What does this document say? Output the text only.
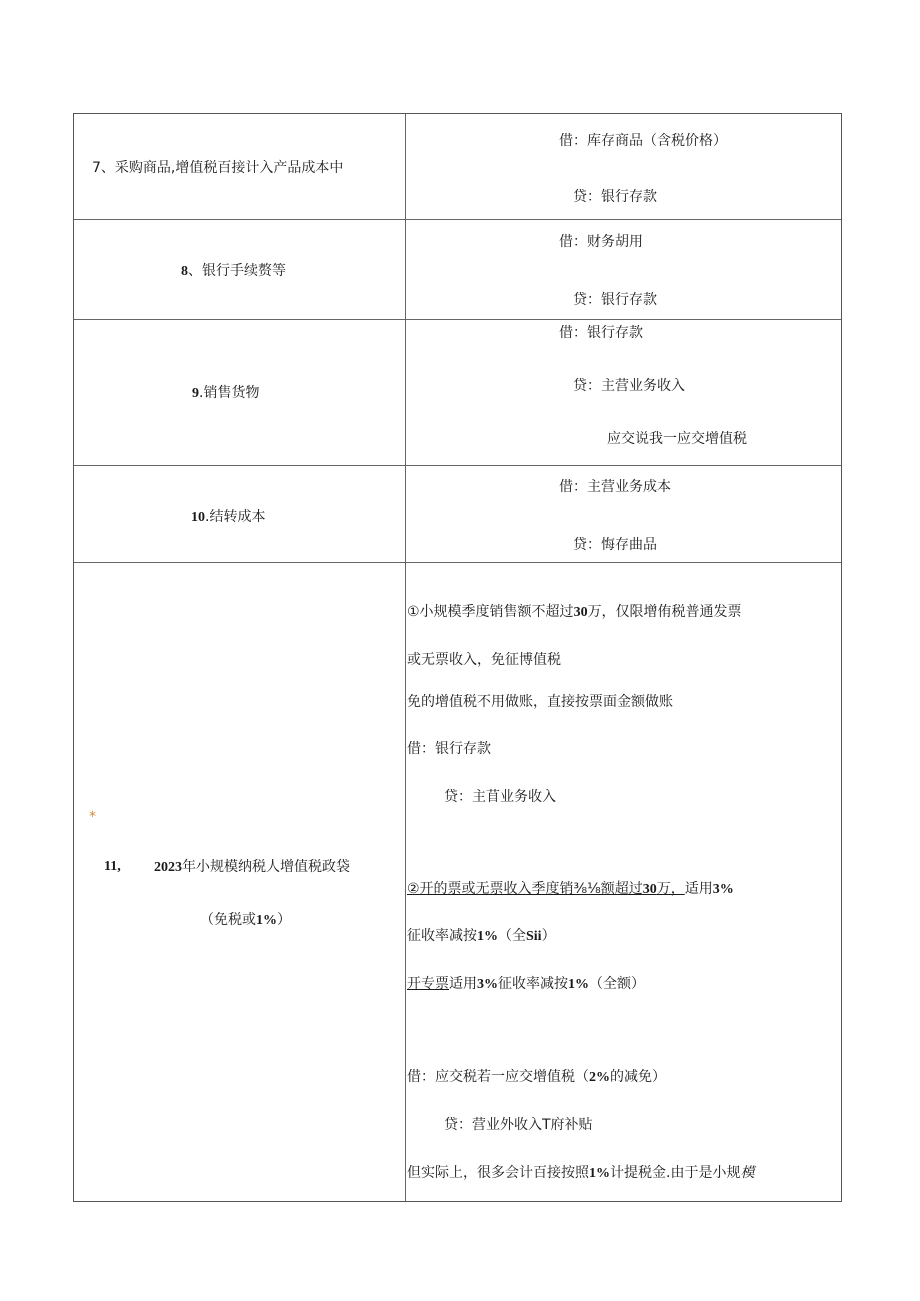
7、采购商品,增值税百接计入产品成本中
借：库存商品（含税价格）
贷：银行存款
8、银行手续赘等
借：财务胡用
贷：银行存款
9.销售货物
借：银行存款
贷：主营业务收入
应交说我一应交增值税
10.结转成本
借：主营业务成本
贷：悔存曲品
*
11, 2023年小规模纳税人增值税政袋
（免税或1%）
①小规模季度销售额不超过30万，仅限增侑税普通发票
或无票收入，免征博值税
免的增值税不用做账，直接按票面金额做账
借：银行存款
贷：主苜业务收入
②开的票或无票收入季度销⅜⅛额超过30万，适用3%
征收率减按1%（全Sii）
开专票适用3%征收率减按1%（全额）
借：应交税若一应交增值税（2%的减免）
贷：营业外收入T府补贴
但实际上，很多会计百接按照1%计提税金.由于是小规模
